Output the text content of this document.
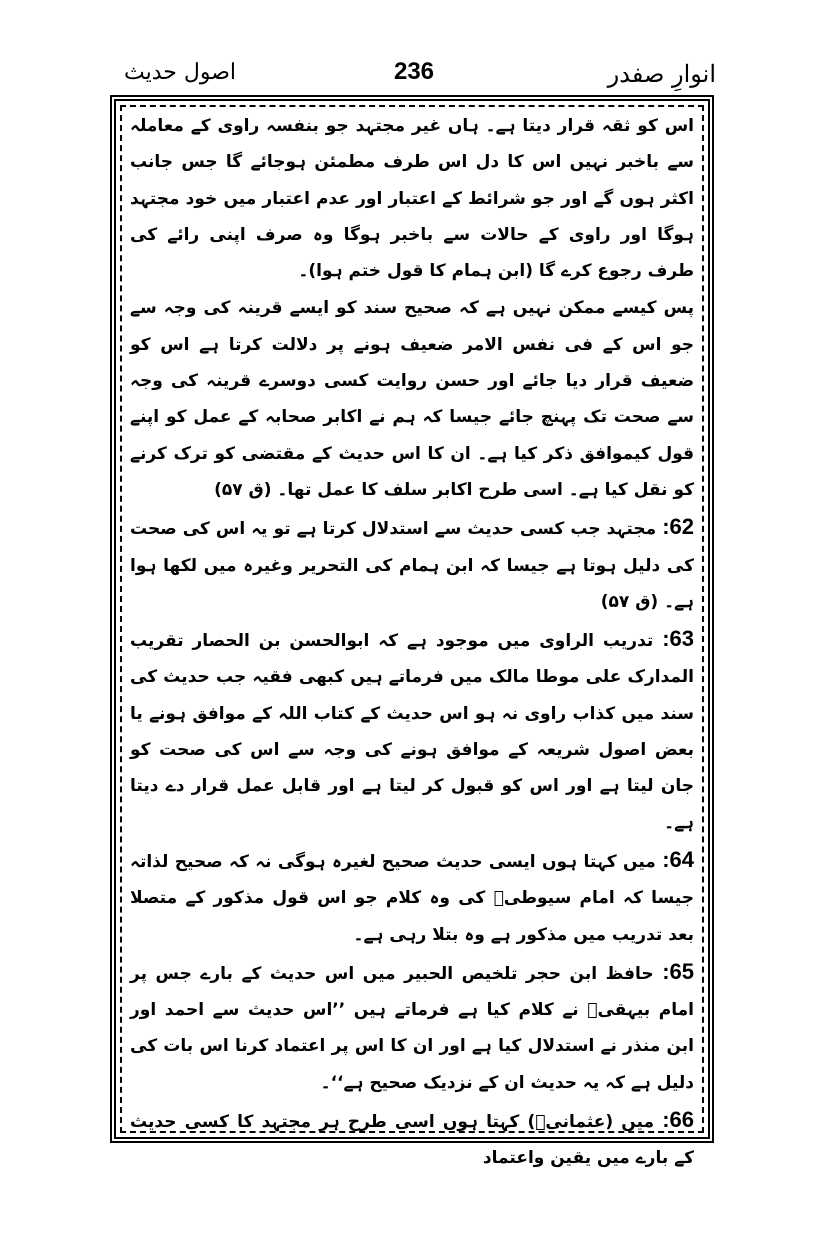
انوارِ صفدر
236
اصول حدیث

اس کو ثقہ قرار دیتا ہے۔ ہاں غیر مجتہد جو بنفسہ راوی کے معاملہ سے باخبر نہیں اس کا دل اس طرف مطمئن ہوجائے گا جس جانب اکثر ہوں گے اور جو شرائط کے اعتبار اور عدم اعتبار میں خود مجتہد ہوگا اور راوی کے حالات سے باخبر ہوگا وہ صرف اپنی رائے کی طرف رجوع کرے گا (ابن ہمام کا قول ختم ہوا)۔

پس کیسے ممکن نہیں ہے کہ صحیح سند کو ایسے قرینہ کی وجہ سے جو اس کے فی نفس الامر ضعیف ہونے پر دلالت کرتا ہے اس کو ضعیف قرار دیا جائے اور حسن روایت کسی دوسرے قرینہ کی وجہ سے صحت تک پہنچ جائے جیسا کہ ہم نے اکابر صحابہ کے عمل کو اپنے قول کیموافق ذکر کیا ہے۔ ان کا اس حدیث کے مقتضی کو ترک کرنے کو نقل کیا ہے۔ اسی طرح اکابر سلف کا عمل تھا۔ (ق ۵۷)

62: مجتہد جب کسی حدیث سے استدلال کرتا ہے تو یہ اس کی صحت کی دلیل ہوتا ہے جیسا کہ ابن ہمام کی التحریر وغیرہ میں لکھا ہوا ہے۔ (ق ۵۷)

63: تدریب الراوی میں موجود ہے کہ ابوالحسن بن الحصار تقریب المدارک علی موطا مالک میں فرماتے ہیں کبھی فقیہ جب حدیث کی سند میں کذاب راوی نہ ہو اس حدیث کے کتاب اللہ کے موافق ہونے یا بعض اصول شریعہ کے موافق ہونے کی وجہ سے اس کی صحت کو جان لیتا ہے اور اس کو قبول کر لیتا ہے اور قابل عمل قرار دے دیتا ہے۔

64: میں کہتا ہوں ایسی حدیث صحیح لغیرہ ہوگی نہ کہ صحیح لذاتہ جیسا کہ امام سیوطیؒ کی وہ کلام جو اس قول مذکور کے متصلا بعد تدریب میں مذکور ہے وہ بتلا رہی ہے۔

65: حافظ ابن حجر تلخیص الحبیر میں اس حدیث کے بارے جس پر امام بیہقیؒ نے کلام کیا ہے فرماتے ہیں ’’اس حدیث سے احمد اور ابن منذر نے استدلال کیا ہے اور ان کا اس پر اعتماد کرنا اس بات کی دلیل ہے کہ یہ حدیث ان کے نزدیک صحیح ہے‘‘۔

66: میں (عثمانیؒ) کہتا ہوں اسی طرح ہر مجتہد کا کسی حدیث کے بارے میں یقین واعتماد
